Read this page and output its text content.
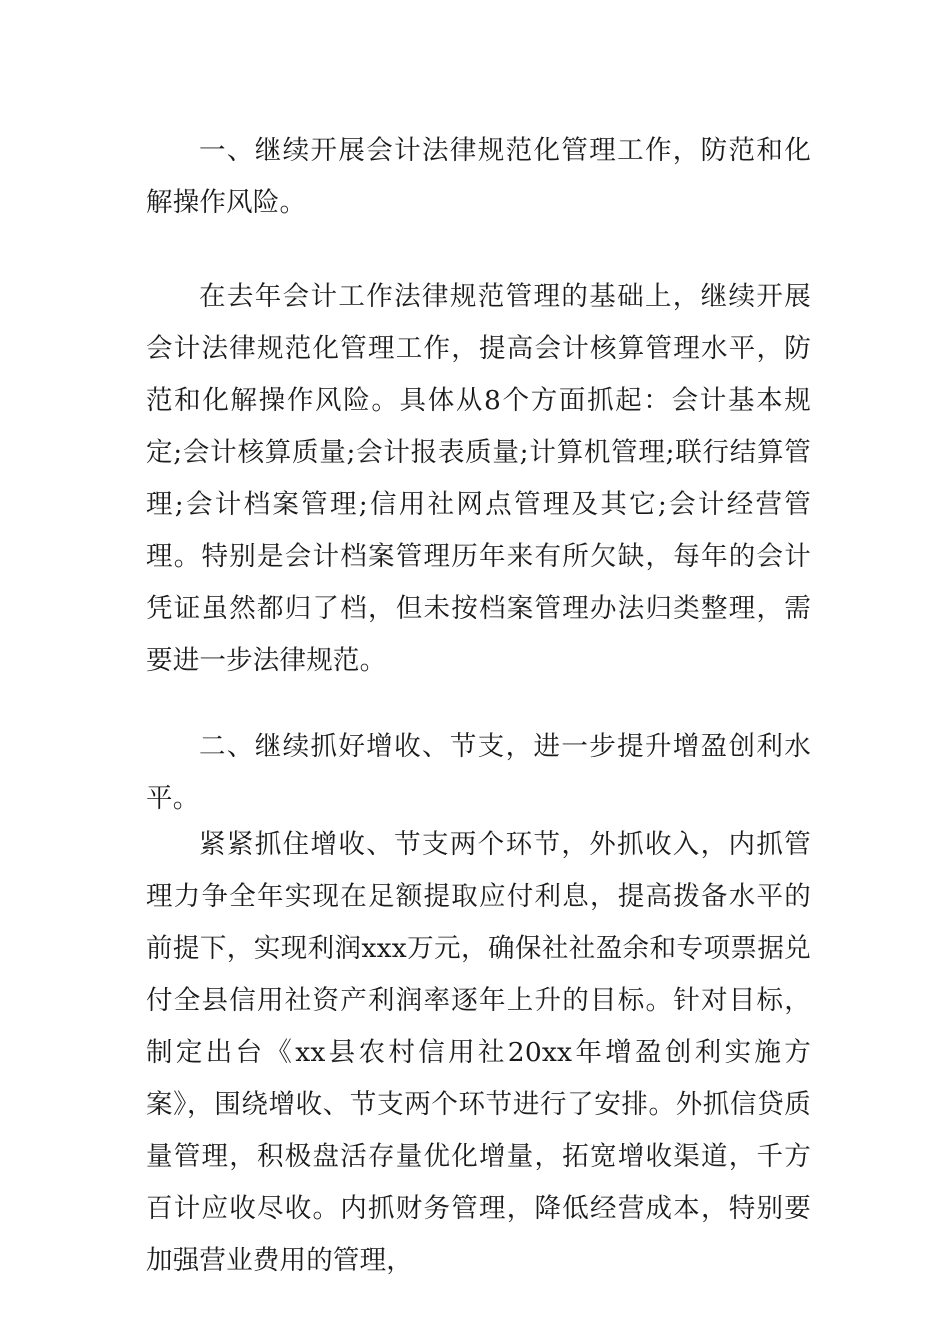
一、继续开展会计法律规范化管理工作，防范和化解操作风险。

在去年会计工作法律规范管理的基础上，继续开展会计法律规范化管理工作，提高会计核算管理水平，防范和化解操作风险。具体从8个方面抓起：会计基本规定;会计核算质量;会计报表质量;计算机管理;联行结算管理;会计档案管理;信用社网点管理及其它;会计经营管理。特别是会计档案管理历年来有所欠缺，每年的会计凭证虽然都归了档，但未按档案管理办法归类整理，需要进一步法律规范。

二、继续抓好增收、节支，进一步提升增盈创利水平。

紧紧抓住增收、节支两个环节，外抓收入，内抓管理力争全年实现在足额提取应付利息，提高拨备水平的前提下，实现利润xxx万元，确保社社盈余和专项票据兑付全县信用社资产利润率逐年上升的目标。针对目标，制定出台《xx县农村信用社20xx年增盈创利实施方案》，围绕增收、节支两个环节进行了安排。外抓信贷质量管理，积极盘活存量优化增量，拓宽增收渠道，千方百计应收尽收。内抓财务管理，降低经营成本，特别要加强营业费用的管理，
